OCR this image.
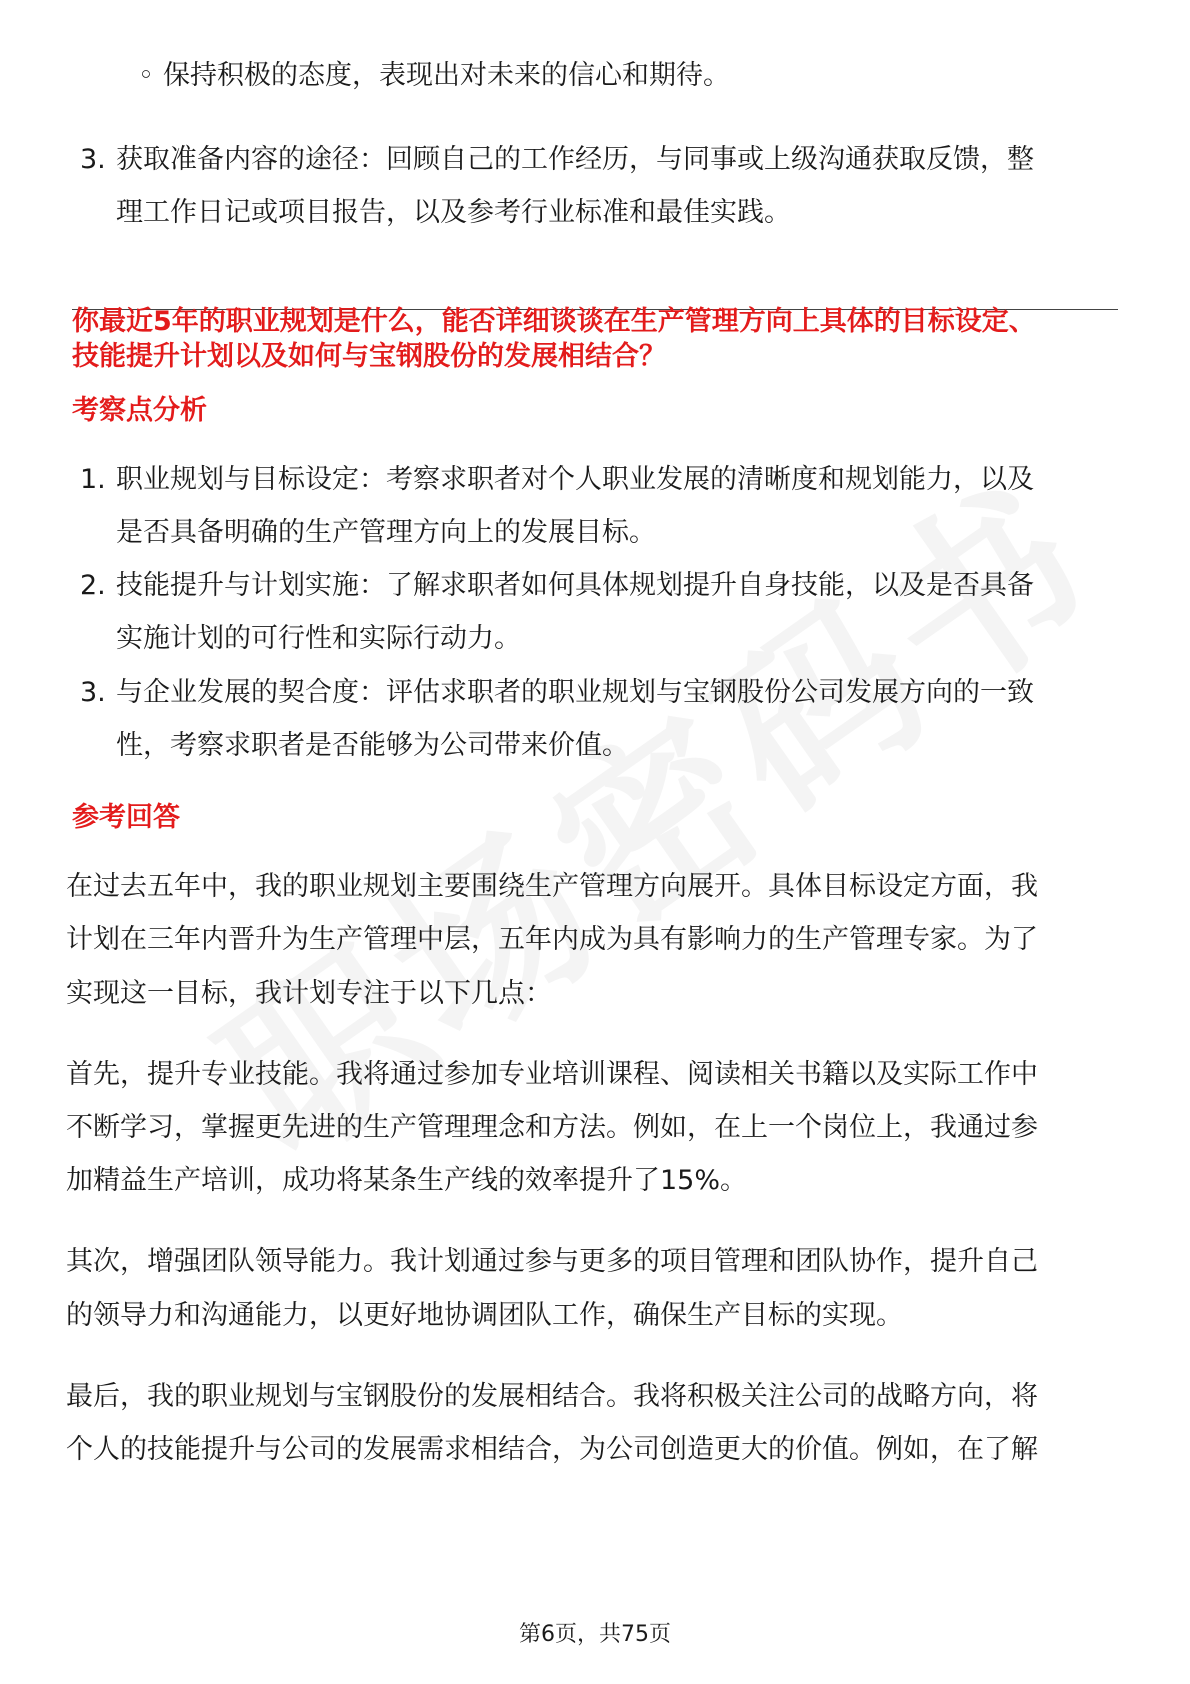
◦ 保持积极的态度，表现出对未来的信心和期待。
3. 获取准备内容的途径：回顾自己的工作经历，与同事或上级沟通获取反馈，整
理工作日记或项目报告，以及参考行业标准和最佳实践。
你最近5年的职业规划是什么，能否详细谈谈在生产管理方向上具体的目标设定、
技能提升计划以及如何与宝钢股份的发展相结合？
考察点分析
1. 职业规划与目标设定：考察求职者对个人职业发展的清晰度和规划能力，以及
是否具备明确的生产管理方向上的发展目标。
2. 技能提升与计划实施：了解求职者如何具体规划提升自身技能，以及是否具备
实施计划的可行性和实际行动力。
3. 与企业发展的契合度：评估求职者的职业规划与宝钢股份公司发展方向的一致
性，考察求职者是否能够为公司带来价值。
参考回答
在过去五年中，我的职业规划主要围绕生产管理方向展开。具体目标设定方面，我
计划在三年内晋升为生产管理中层，五年内成为具有影响力的生产管理专家。为了
实现这一目标，我计划专注于以下几点：
首先，提升专业技能。我将通过参加专业培训课程、阅读相关书籍以及实际工作中
不断学习，掌握更先进的生产管理理念和方法。例如，在上一个岗位上，我通过参
加精益生产培训，成功将某条生产线的效率提升了15%。
其次，增强团队领导能力。我计划通过参与更多的项目管理和团队协作，提升自己
的领导力和沟通能力，以更好地协调团队工作，确保生产目标的实现。
最后，我的职业规划与宝钢股份的发展相结合。我将积极关注公司的战略方向，将
个人的技能提升与公司的发展需求相结合，为公司创造更大的价值。例如，在了解
第6页，共75页
